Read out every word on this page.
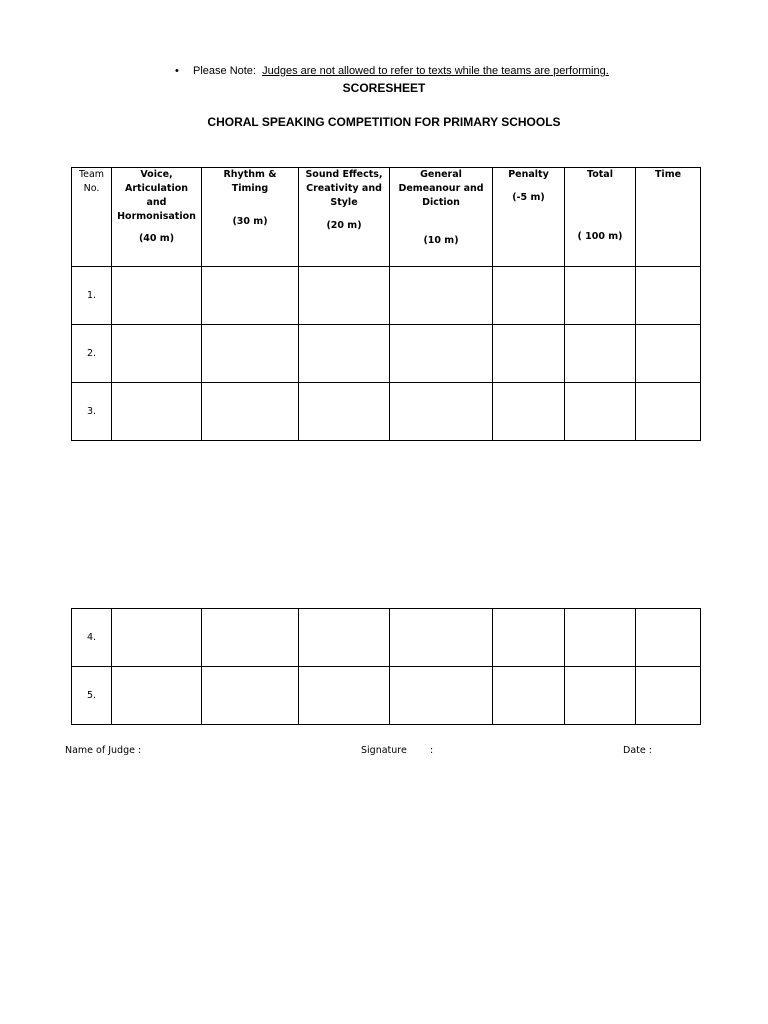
• Please Note: Judges are not allowed to refer to texts while the teams are performing.
SCORESHEET
CHORAL SPEAKING COMPETITION FOR PRIMARY SCHOOLS
Team
No.	Voice,
Articulation
and
Hormonisation
(40 m)	Rhythm &
Timing
(30 m)	Sound Effects,
Creativity and
Style
(20 m)	General
Demeanour and
Diction
(10 m)	Penalty
(-5 m)	Total
( 100 m)	Time

1.							
2.							
3.							
4.							
5.							
Name of Judge :	Signature :	Date :
